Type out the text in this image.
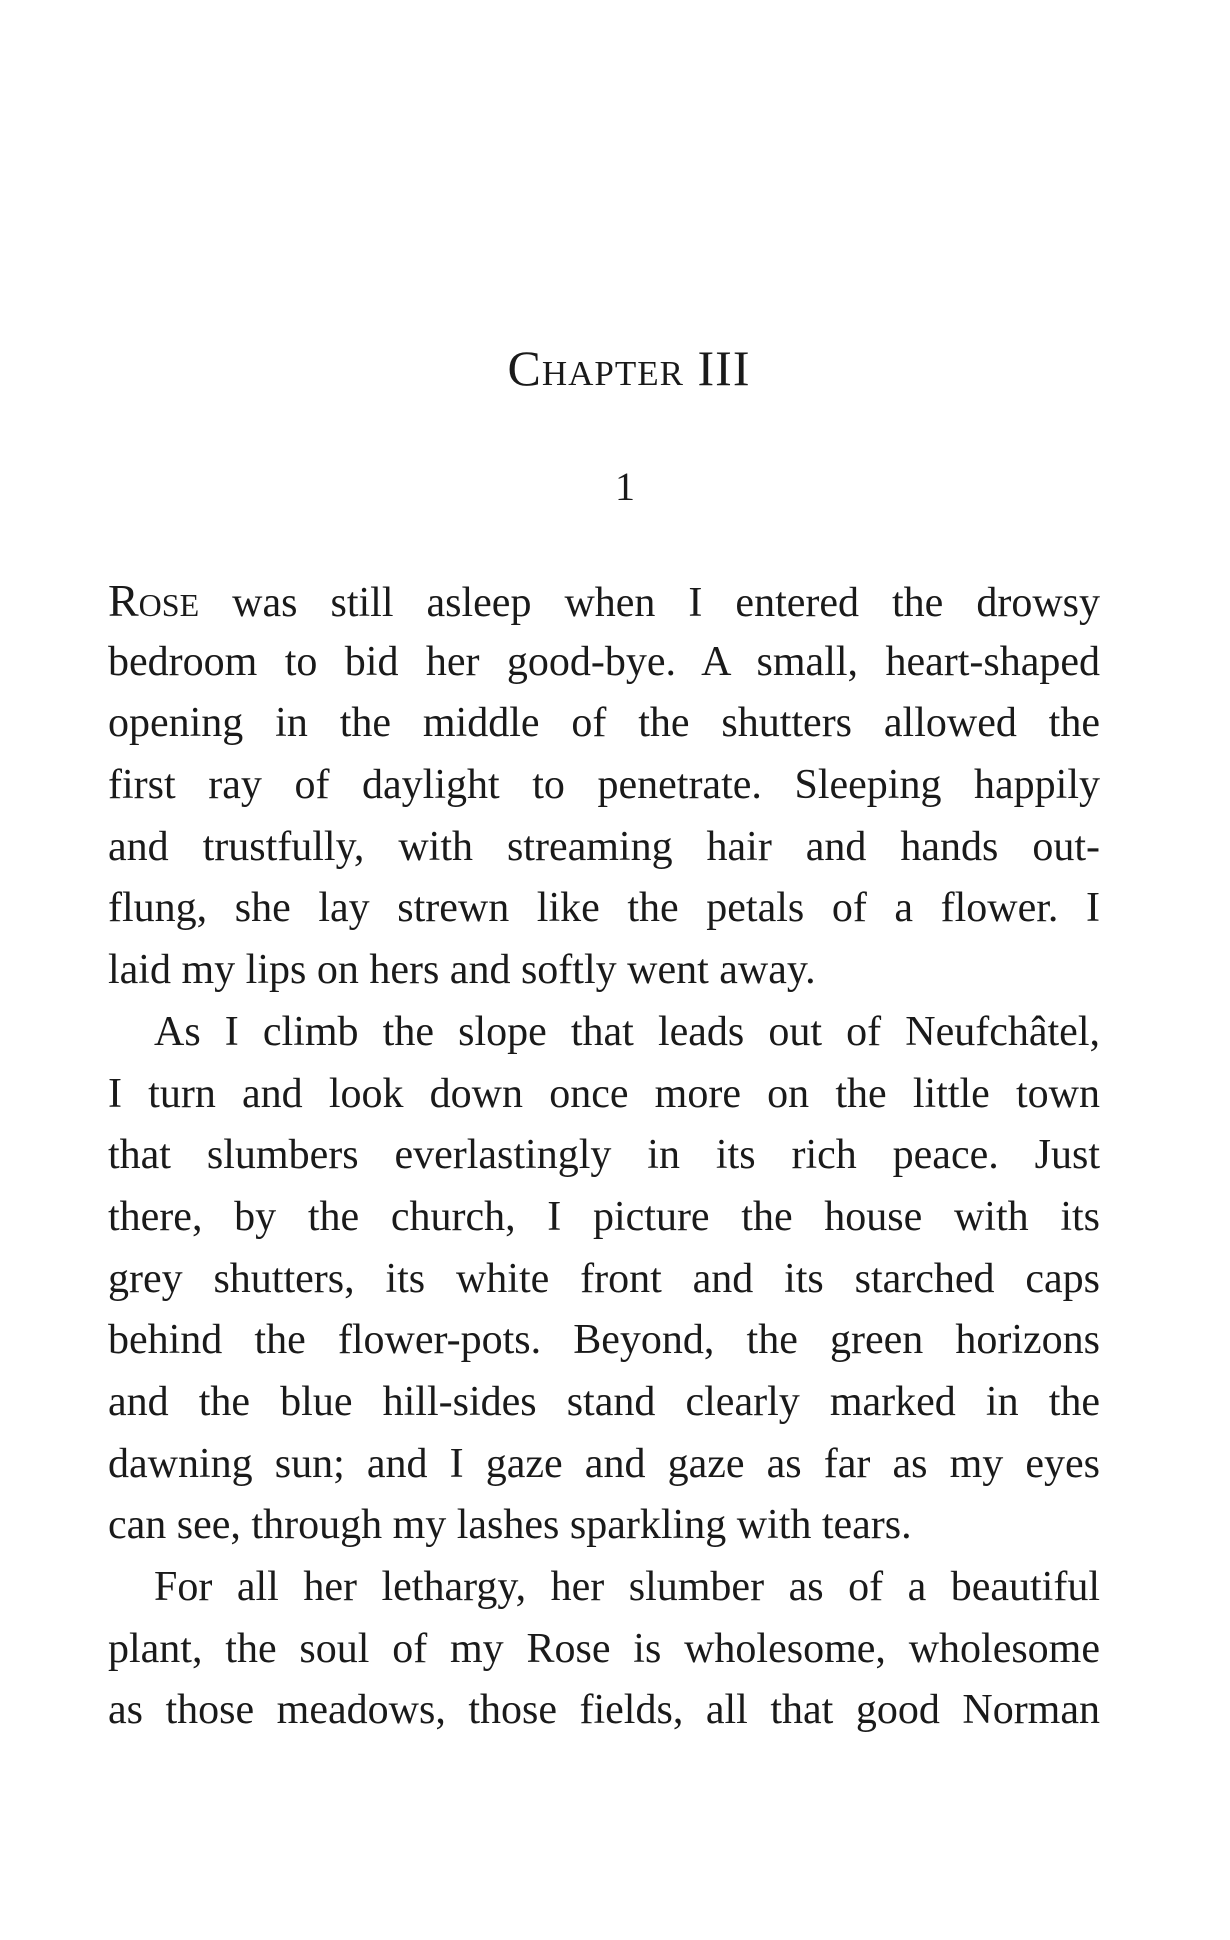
Chapter III
1
Rose was still asleep when I entered the drowsy
bedroom to bid her good-bye. A small, heart-shaped
opening in the middle of the shutters allowed the
first ray of daylight to penetrate. Sleeping happily
and trustfully, with streaming hair and hands out-
flung, she lay strewn like the petals of a flower. I
laid my lips on hers and softly went away.
As I climb the slope that leads out of Neufchâtel,
I turn and look down once more on the little town
that slumbers everlastingly in its rich peace. Just
there, by the church, I picture the house with its
grey shutters, its white front and its starched caps
behind the flower-pots. Beyond, the green horizons
and the blue hill-sides stand clearly marked in the
dawning sun; and I gaze and gaze as far as my eyes
can see, through my lashes sparkling with tears.
For all her lethargy, her slumber as of a beautiful
plant, the soul of my Rose is wholesome, wholesome
as those meadows, those fields, all that good Norman
